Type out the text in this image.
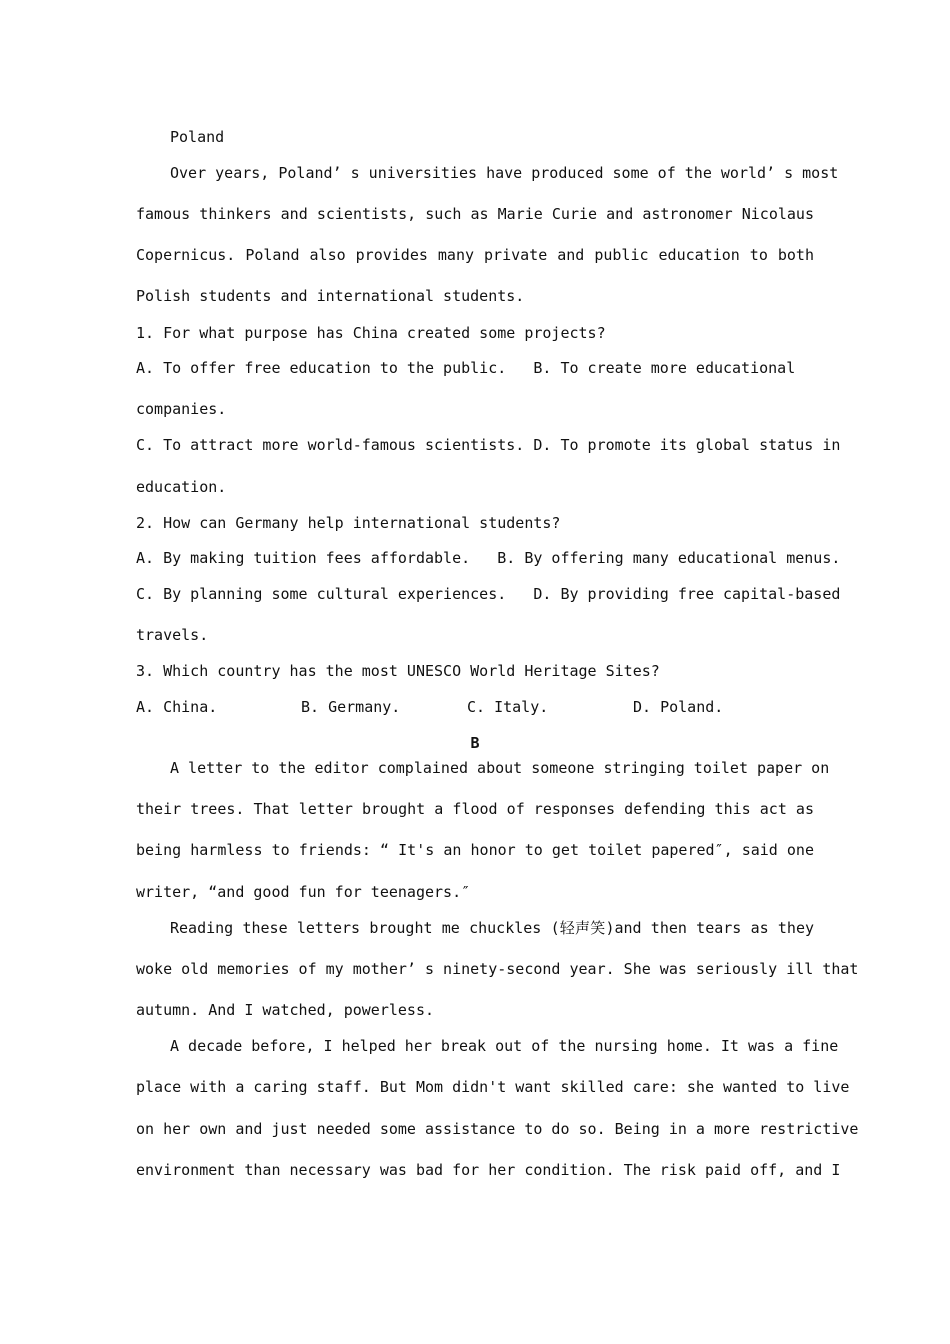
Poland
Over years, Poland’ s universities have produced some of the world’ s most
famous thinkers and scientists, such as Marie Curie and astronomer Nicolaus
Copernicus. Poland also provides many private and public education to both
Polish students and international students.
1. For what purpose has China created some projects?
A. To offer free education to the public.   B. To create more educational
companies.
C. To attract more world-famous scientists. D. To promote its global status in
education.
2. How can Germany help international students?
A. By making tuition fees affordable.   B. By offering many educational menus.
C. By planning some cultural experiences.   D. By providing free capital-based
travels.
3. Which country has the most UNESCO World Heritage Sites?
A. China.	B. Germany.	C. Italy.	D. Poland.
B
A letter to the editor complained about someone stringing toilet paper on
their trees. That letter brought a flood of responses defending this act as
being harmless to friends: “ It's an honor to get toilet papered″, said one
writer, “and good fun for teenagers.″
Reading these letters brought me chuckles (轻声笑)and then tears as they
woke old memories of my mother’ s ninety-second year. She was seriously ill that
autumn. And I watched, powerless.
A decade before, I helped her break out of the nursing home. It was a fine
place with a caring staff. But Mom didn't want skilled care: she wanted to live
on her own and just needed some assistance to do so. Being in a more restrictive
environment than necessary was bad for her condition. The risk paid off, and I
